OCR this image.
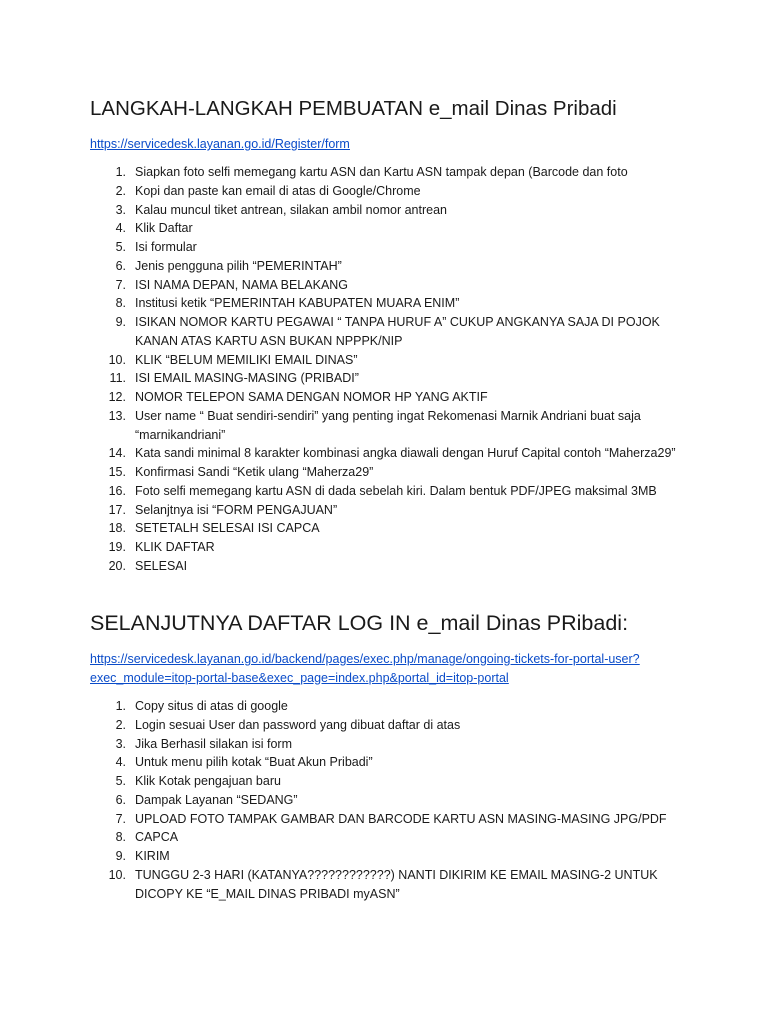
LANGKAH-LANGKAH PEMBUATAN e_mail Dinas Pribadi

https://servicedesk.layanan.go.id/Register/form

1. Siapkan foto selfi memegang kartu ASN dan Kartu ASN tampak depan (Barcode dan foto
2. Kopi dan paste kan email di atas di Google/Chrome
3. Kalau muncul tiket antrean, silakan ambil nomor antrean
4. Klik Daftar
5. Isi formular
6. Jenis pengguna pilih “PEMERINTAH”
7. ISI NAMA DEPAN, NAMA BELAKANG
8. Institusi ketik “PEMERINTAH KABUPATEN MUARA ENIM”
9. ISIKAN NOMOR KARTU PEGAWAI “ TANPA HURUF A” CUKUP ANGKANYA SAJA DI POJOK KANAN ATAS KARTU ASN BUKAN NPPPK/NIP
10. KLIK “BELUM MEMILIKI EMAIL DINAS”
11. ISI EMAIL MASING-MASING (PRIBADI”
12. NOMOR TELEPON SAMA DENGAN NOMOR HP YANG AKTIF
13. User name “ Buat sendiri-sendiri” yang penting ingat Rekomenasi Marnik Andriani buat saja “marnikandriani”
14. Kata sandi minimal 8 karakter kombinasi angka diawali dengan Huruf Capital contoh “Maherza29”
15. Konfirmasi Sandi “Ketik ulang “Maherza29”
16. Foto selfi memegang kartu ASN di dada sebelah kiri. Dalam bentuk PDF/JPEG maksimal 3MB
17. Selanjtnya isi “FORM PENGAJUAN”
18. SETETALH SELESAI ISI CAPCA
19. KLIK DAFTAR
20. SELESAI
SELANJUTNYA DAFTAR LOG IN e_mail Dinas PRibadi:

https://servicedesk.layanan.go.id/backend/pages/exec.php/manage/ongoing-tickets-for-portal-user?exec_module=itop-portal-base&exec_page=index.php&portal_id=itop-portal

1. Copy situs di atas di google
2. Login sesuai User dan password yang dibuat daftar di atas
3. Jika Berhasil silakan isi form
4. Untuk menu pilih kotak “Buat Akun Pribadi”
5. Klik Kotak pengajuan baru
6. Dampak Layanan “SEDANG”
7. UPLOAD FOTO TAMPAK GAMBAR DAN BARCODE KARTU ASN MASING-MASING JPG/PDF
8. CAPCA
9. KIRIM
10. TUNGGU 2-3 HARI (KATANYA????????????) NANTI DIKIRIM KE EMAIL MASING-2 UNTUK DICOPY KE “E_MAIL DINAS PRIBADI myASN”
